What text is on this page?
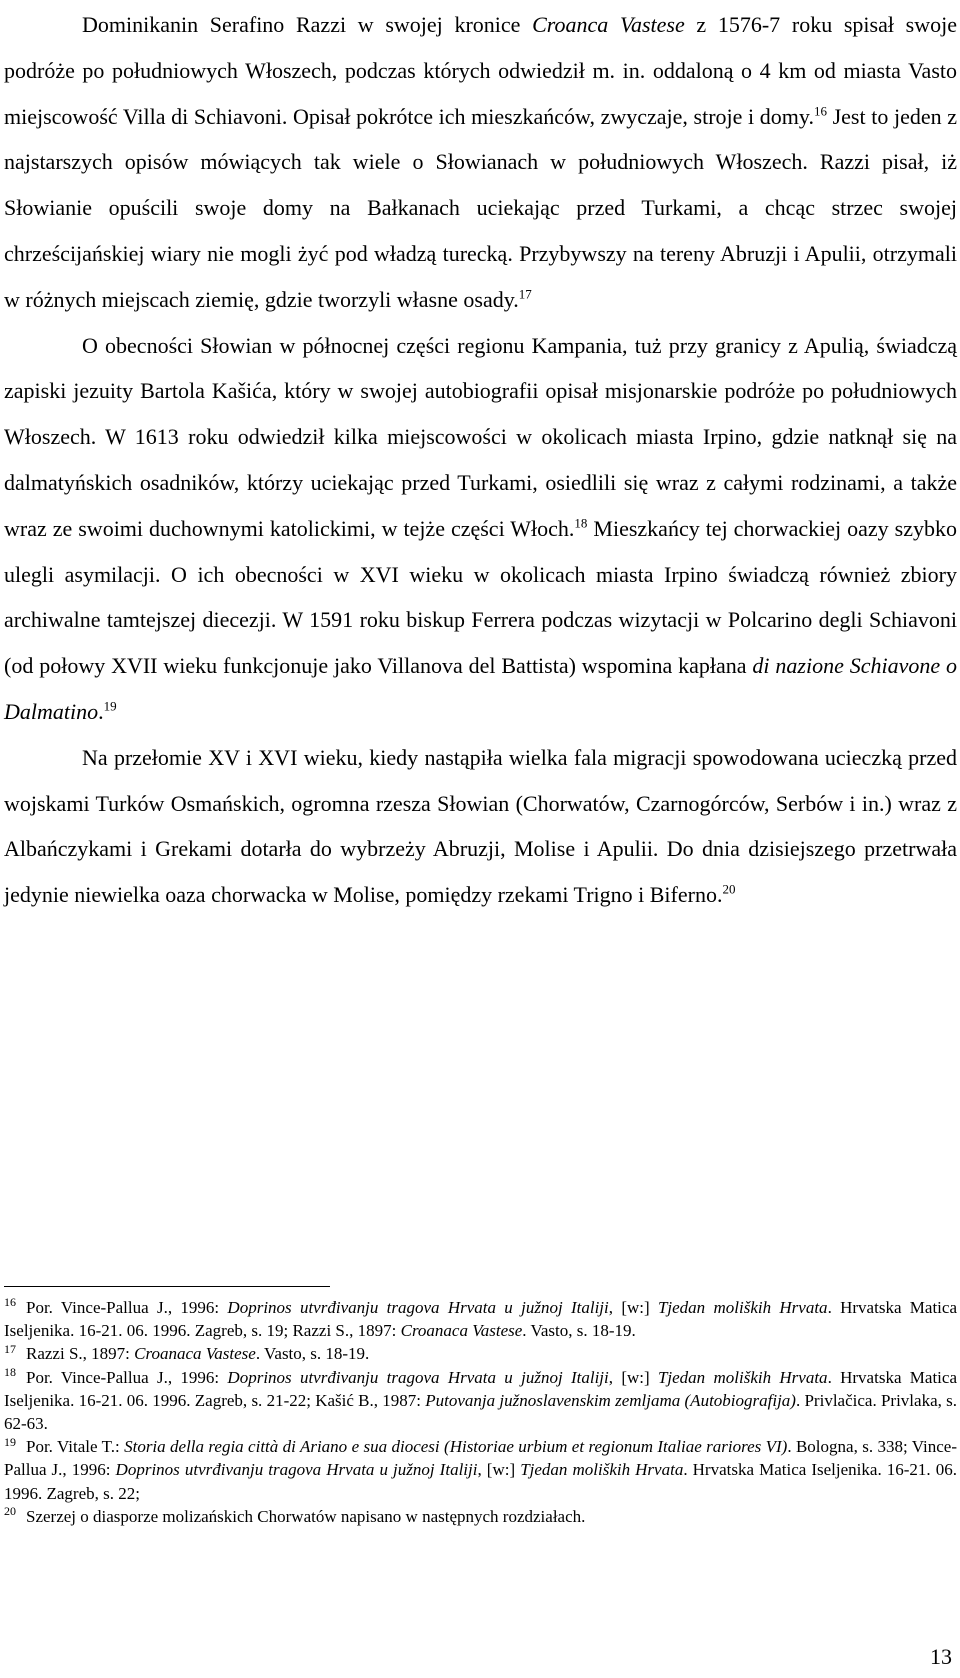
Dominikanin Serafino Razzi w swojej kronice Croanca Vastese z 1576-7 roku spisał swoje podróże po południowych Włoszech, podczas których odwiedził m. in. oddaloną o 4 km od miasta Vasto miejscowość Villa di Schiavoni. Opisał pokrótce ich mieszkańców, zwyczaje, stroje i domy.$^{16}$ Jest to jeden z najstarszych opisów mówiących tak wiele o Słowianach w południowych Włoszech. Razzi pisał, iż Słowianie opuścili swoje domy na Bałkanach uciekając przed Turkami, a chcąc strzec swojej chrześcijańskiej wiary nie mogli żyć pod władzą turecką. Przybywszy na tereny Abruzji i Apulii, otrzymali w różnych miejscach ziemię, gdzie tworzyli własne osady.$^{17}$

O obecności Słowian w północnej części regionu Kampania, tuż przy granicy z Apulią, świadczą zapiski jezuity Bartola Kašića, który w swojej autobiografii opisał misjonarskie podróże po południowych Włoszech. W 1613 roku odwiedził kilka miejscowości w okolicach miasta Irpino, gdzie natknął się na dalmatyńskich osadników, którzy uciekając przed Turkami, osiedlili się wraz z całymi rodzinami, a także wraz ze swoimi duchownymi katolickimi, w tejże części Włoch.$^{18}$ Mieszkańcy tej chorwackiej oazy szybko ulegli asymilacji. O ich obecności w XVI wieku w okolicach miasta Irpino świadczą również zbiory archiwalne tamtejszej diecezji. W 1591 roku biskup Ferrera podczas wizytacji w Polcarino degli Schiavoni (od połowy XVII wieku funkcjonuje jako Villanova del Battista) wspomina kapłana di nazione Schiavone o Dalmatino.$^{19}$

Na przełomie XV i XVI wieku, kiedy nastąpiła wielka fala migracji spowodowana ucieczką przed wojskami Turków Osmańskich, ogromna rzesza Słowian (Chorwatów, Czarnogórców, Serbów i in.) wraz z Albańczykami i Grekami dotarła do wybrzeży Abruzji, Molise i Apulii. Do dnia dzisiejszego przetrwała jedynie niewielka oaza chorwacka w Molise, pomiędzy rzekami Trigno i Biferno.$^{20}$

$^{16}$ Por. Vince-Pallua J., 1996: Doprinos utvrđivanju tragova Hrvata u južnoj Italiji, [w:] Tjedan moliških Hrvata. Hrvatska Matica Iseljenika. 16-21. 06. 1996. Zagreb, s. 19; Razzi S., 1897: Croanaca Vastese. Vasto, s. 18-19.

$^{17}$ Razzi S., 1897: Croanaca Vastese. Vasto, s. 18-19.

$^{18}$ Por. Vince-Pallua J., 1996: Doprinos utvrđivanju tragova Hrvata u južnoj Italiji, [w:] Tjedan moliških Hrvata. Hrvatska Matica Iseljenika. 16-21. 06. 1996. Zagreb, s. 21-22; Kašić B., 1987: Putovanja južnoslavenskim zemljama (Autobiografija). Privlačica. Privlaka, s. 62-63.

$^{19}$ Por. Vitale T.: Storia della regia città di Ariano e sua diocesi (Historiae urbium et regionum Italiae rariores VI). Bologna, s. 338; Vince-Pallua J., 1996: Doprinos utvrđivanju tragova Hrvata u južnoj Italiji, [w:] Tjedan moliških Hrvata. Hrvatska Matica Iseljenika. 16-21. 06. 1996. Zagreb, s. 22;

$^{20}$ Szerzej o diasporze molizańskich Chorwatów napisano w następnych rozdziałach.

13
